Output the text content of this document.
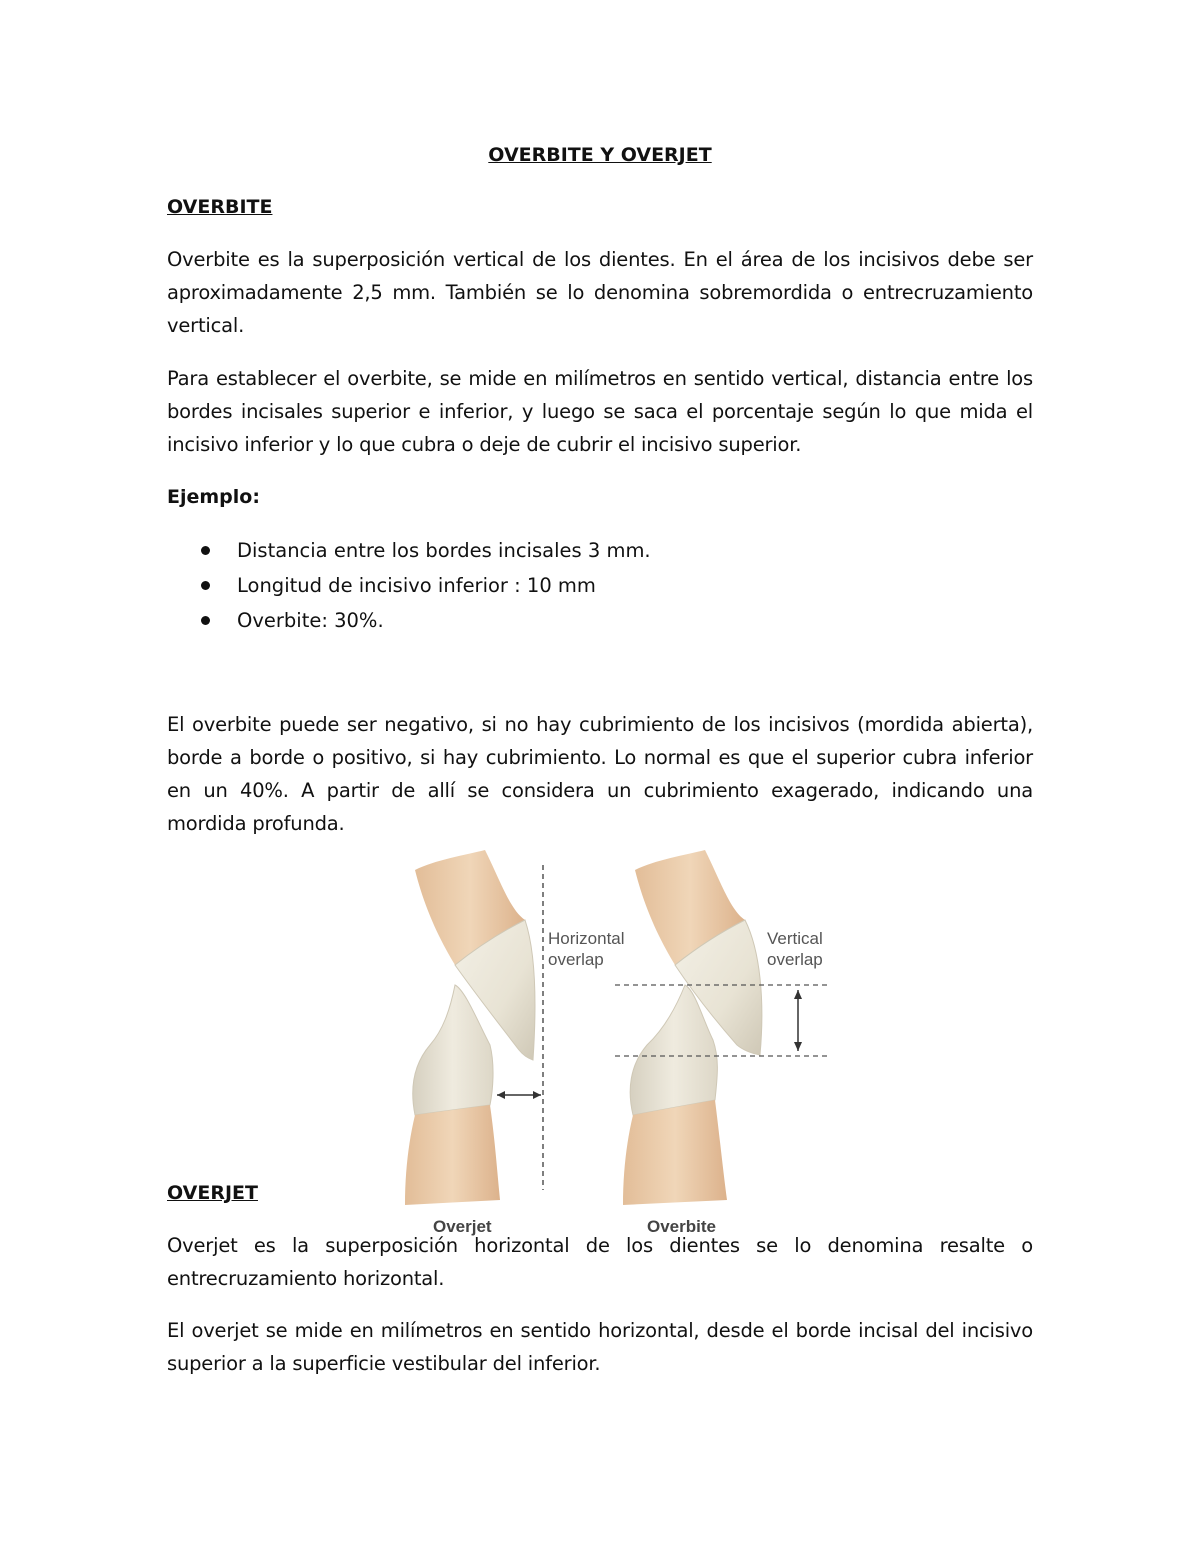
OVERBITE Y OVERJET
OVERBITE
Overbite es la superposición vertical de los dientes. En el área de los incisivos debe ser aproximadamente 2,5 mm. También se lo denomina sobremordida o entrecruzamiento vertical.
Para establecer el overbite, se mide en milímetros en sentido vertical, distancia entre los bordes incisales superior e inferior, y luego se saca el porcentaje según lo que mida el incisivo inferior y lo que cubra o deje de cubrir el incisivo superior.
Ejemplo:
Distancia entre los bordes incisales 3 mm.
Longitud de incisivo inferior : 10 mm
Overbite: 30%.
El overbite puede ser negativo, si no hay cubrimiento de los incisivos (mordida abierta), borde a borde o positivo, si hay cubrimiento. Lo normal es que el superior cubra inferior en un 40%. A partir de allí se considera un cubrimiento exagerado, indicando una mordida profunda.
Horizontal
overlap
Vertical
overlap
Overjet	Overbite
OVERJET
Overjet es la superposición horizontal de los dientes se lo denomina resalte o entrecruzamiento horizontal.
El overjet se mide en milímetros en sentido horizontal, desde el borde incisal del incisivo superior a la superficie vestibular del inferior.
